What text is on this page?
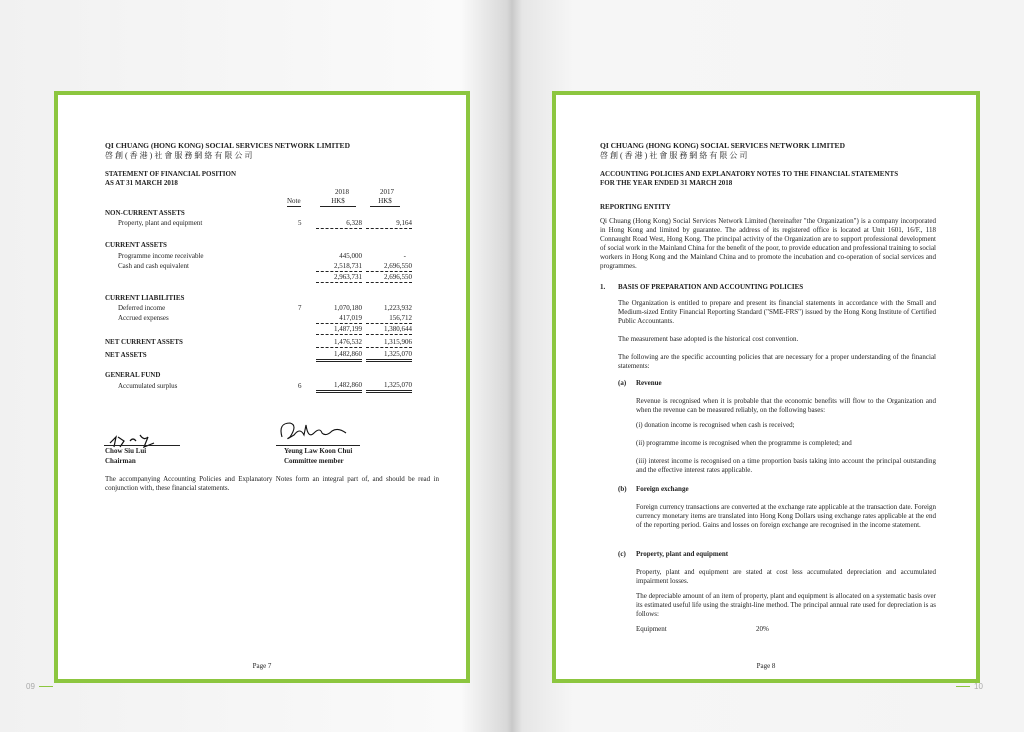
QI CHUANG (HONG KONG) SOCIAL SERVICES NETWORK LIMITED
啓創(香港)社會服務網絡有限公司
STATEMENT OF FINANCIAL POSITION
AS AT 31 MARCH 2018
2018	2017
Note	HK$	HK$
NON-CURRENT ASSETS
Property, plant and equipment	5	6,328	9,164
CURRENT ASSETS
Programme income receivable	445,000	-
Cash and cash equivalent	2,518,731	2,696,550
2,963,731	2,696,550
CURRENT LIABILITIES
Deferred income	7	1,070,180	1,223,932
Accrued expenses	417,019	156,712
1,487,199	1,380,644
NET CURRENT ASSETS	1,476,532	1,315,906
NET ASSETS	1,482,860	1,325,070
GENERAL FUND
Accumulated surplus	6	1,482,860	1,325,070
Chow Siu Lui
Chairman
Yeung Law Koon Chui
Committee member
The accompanying Accounting Policies and Explanatory Notes form an integral part of, and should be read in conjunction with, these financial statements.
Page 7
09
QI CHUANG (HONG KONG) SOCIAL SERVICES NETWORK LIMITED
啓創(香港)社會服務網絡有限公司
ACCOUNTING POLICIES AND EXPLANATORY NOTES TO THE FINANCIAL STATEMENTS
FOR THE YEAR ENDED 31 MARCH 2018
REPORTING ENTITY
Qi Chuang (Hong Kong) Social Services Network Limited (hereinafter "the Organization") is a company incorporated in Hong Kong and limited by guarantee. The address of its registered office is located at Unit 1601, 16/F., 118 Connaught Road West, Hong Kong. The principal activity of the Organization are to support professional development of social work in the Mainland China for the benefit of the poor, to provide education and professional training to social workers in Hong Kong and the Mainland China and to promote the incubation and co-operation of social services and programmes.
1. BASIS OF PREPARATION AND ACCOUNTING POLICIES
The Organization is entitled to prepare and present its financial statements in accordance with the Small and Medium-sized Entity Financial Reporting Standard ("SME-FRS") issued by the Hong Kong Institute of Certified Public Accountants.
The measurement base adopted is the historical cost convention.
The following are the specific accounting policies that are necessary for a proper understanding of the financial statements:
(a) Revenue
Revenue is recognised when it is probable that the economic benefits will flow to the Organization and when the revenue can be measured reliably, on the following bases:
(i) donation income is recognised when cash is received;
(ii) programme income is recognised when the programme is completed; and
(iii) interest income is recognised on a time proportion basis taking into account the principal outstanding and the effective interest rates applicable.
(b) Foreign exchange
Foreign currency transactions are converted at the exchange rate applicable at the transaction date. Foreign currency monetary items are translated into Hong Kong Dollars using exchange rates applicable at the end of the reporting period. Gains and losses on foreign exchange are recognised in the income statement.
(c) Property, plant and equipment
Property, plant and equipment are stated at cost less accumulated depreciation and accumulated impairment losses.
The depreciable amount of an item of property, plant and equipment is allocated on a systematic basis over its estimated useful life using the straight-line method. The principal annual rate used for depreciation is as follows:
Equipment	20%
Page 8
10
